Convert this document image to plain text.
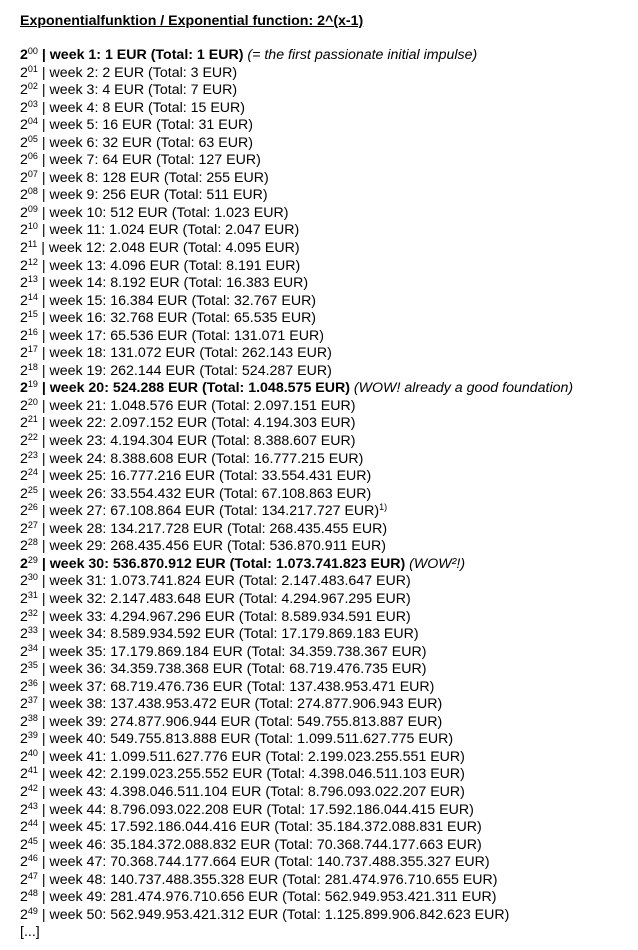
Exponentialfunktion / Exponential function: 2^(x-1)
$2^{00}$ | week 1: 1 EUR (Total: 1 EUR) (= the first passionate initial impulse)
$2^{01}$ | week 2: 2 EUR (Total: 3 EUR)
$2^{02}$ | week 3: 4 EUR (Total: 7 EUR)
$2^{03}$ | week 4: 8 EUR (Total: 15 EUR)
$2^{04}$ | week 5: 16 EUR (Total: 31 EUR)
$2^{05}$ | week 6: 32 EUR (Total: 63 EUR)
$2^{06}$ | week 7: 64 EUR (Total: 127 EUR)
$2^{07}$ | week 8: 128 EUR (Total: 255 EUR)
$2^{08}$ | week 9: 256 EUR (Total: 511 EUR)
$2^{09}$ | week 10: 512 EUR (Total: 1.023 EUR)
$2^{10}$ | week 11: 1.024 EUR (Total: 2.047 EUR)
$2^{11}$ | week 12: 2.048 EUR (Total: 4.095 EUR)
$2^{12}$ | week 13: 4.096 EUR (Total: 8.191 EUR)
$2^{13}$ | week 14: 8.192 EUR (Total: 16.383 EUR)
$2^{14}$ | week 15: 16.384 EUR (Total: 32.767 EUR)
$2^{15}$ | week 16: 32.768 EUR (Total: 65.535 EUR)
$2^{16}$ | week 17: 65.536 EUR (Total: 131.071 EUR)
$2^{17}$ | week 18: 131.072 EUR (Total: 262.143 EUR)
$2^{18}$ | week 19: 262.144 EUR (Total: 524.287 EUR)
$2^{19}$ | week 20: 524.288 EUR (Total: 1.048.575 EUR) (WOW! already a good foundation)
$2^{20}$ | week 21: 1.048.576 EUR (Total: 2.097.151 EUR)
$2^{21}$ | week 22: 2.097.152 EUR (Total: 4.194.303 EUR)
$2^{22}$ | week 23: 4.194.304 EUR (Total: 8.388.607 EUR)
$2^{23}$ | week 24: 8.388.608 EUR (Total: 16.777.215 EUR)
$2^{24}$ | week 25: 16.777.216 EUR (Total: 33.554.431 EUR)
$2^{25}$ | week 26: 33.554.432 EUR (Total: 67.108.863 EUR)
$2^{26}$ | week 27: 67.108.864 EUR (Total: 134.217.727 EUR)$^{1)}$
$2^{27}$ | week 28: 134.217.728 EUR (Total: 268.435.455 EUR)
$2^{28}$ | week 29: 268.435.456 EUR (Total: 536.870.911 EUR)
$2^{29}$ | week 30: 536.870.912 EUR (Total: 1.073.741.823 EUR) (WOW²!)
$2^{30}$ | week 31: 1.073.741.824 EUR (Total: 2.147.483.647 EUR)
$2^{31}$ | week 32: 2.147.483.648 EUR (Total: 4.294.967.295 EUR)
$2^{32}$ | week 33: 4.294.967.296 EUR (Total: 8.589.934.591 EUR)
$2^{33}$ | week 34: 8.589.934.592 EUR (Total: 17.179.869.183 EUR)
$2^{34}$ | week 35: 17.179.869.184 EUR (Total: 34.359.738.367 EUR)
$2^{35}$ | week 36: 34.359.738.368 EUR (Total: 68.719.476.735 EUR)
$2^{36}$ | week 37: 68.719.476.736 EUR (Total: 137.438.953.471 EUR)
$2^{37}$ | week 38: 137.438.953.472 EUR (Total: 274.877.906.943 EUR)
$2^{38}$ | week 39: 274.877.906.944 EUR (Total: 549.755.813.887 EUR)
$2^{39}$ | week 40: 549.755.813.888 EUR (Total: 1.099.511.627.775 EUR)
$2^{40}$ | week 41: 1.099.511.627.776 EUR (Total: 2.199.023.255.551 EUR)
$2^{41}$ | week 42: 2.199.023.255.552 EUR (Total: 4.398.046.511.103 EUR)
$2^{42}$ | week 43: 4.398.046.511.104 EUR (Total: 8.796.093.022.207 EUR)
$2^{43}$ | week 44: 8.796.093.022.208 EUR (Total: 17.592.186.044.415 EUR)
$2^{44}$ | week 45: 17.592.186.044.416 EUR (Total: 35.184.372.088.831 EUR)
$2^{45}$ | week 46: 35.184.372.088.832 EUR (Total: 70.368.744.177.663 EUR)
$2^{46}$ | week 47: 70.368.744.177.664 EUR (Total: 140.737.488.355.327 EUR)
$2^{47}$ | week 48: 140.737.488.355.328 EUR (Total: 281.474.976.710.655 EUR)
$2^{48}$ | week 49: 281.474.976.710.656 EUR (Total: 562.949.953.421.311 EUR)
$2^{49}$ | week 50: 562.949.953.421.312 EUR (Total: 1.125.899.906.842.623 EUR)
[...]
